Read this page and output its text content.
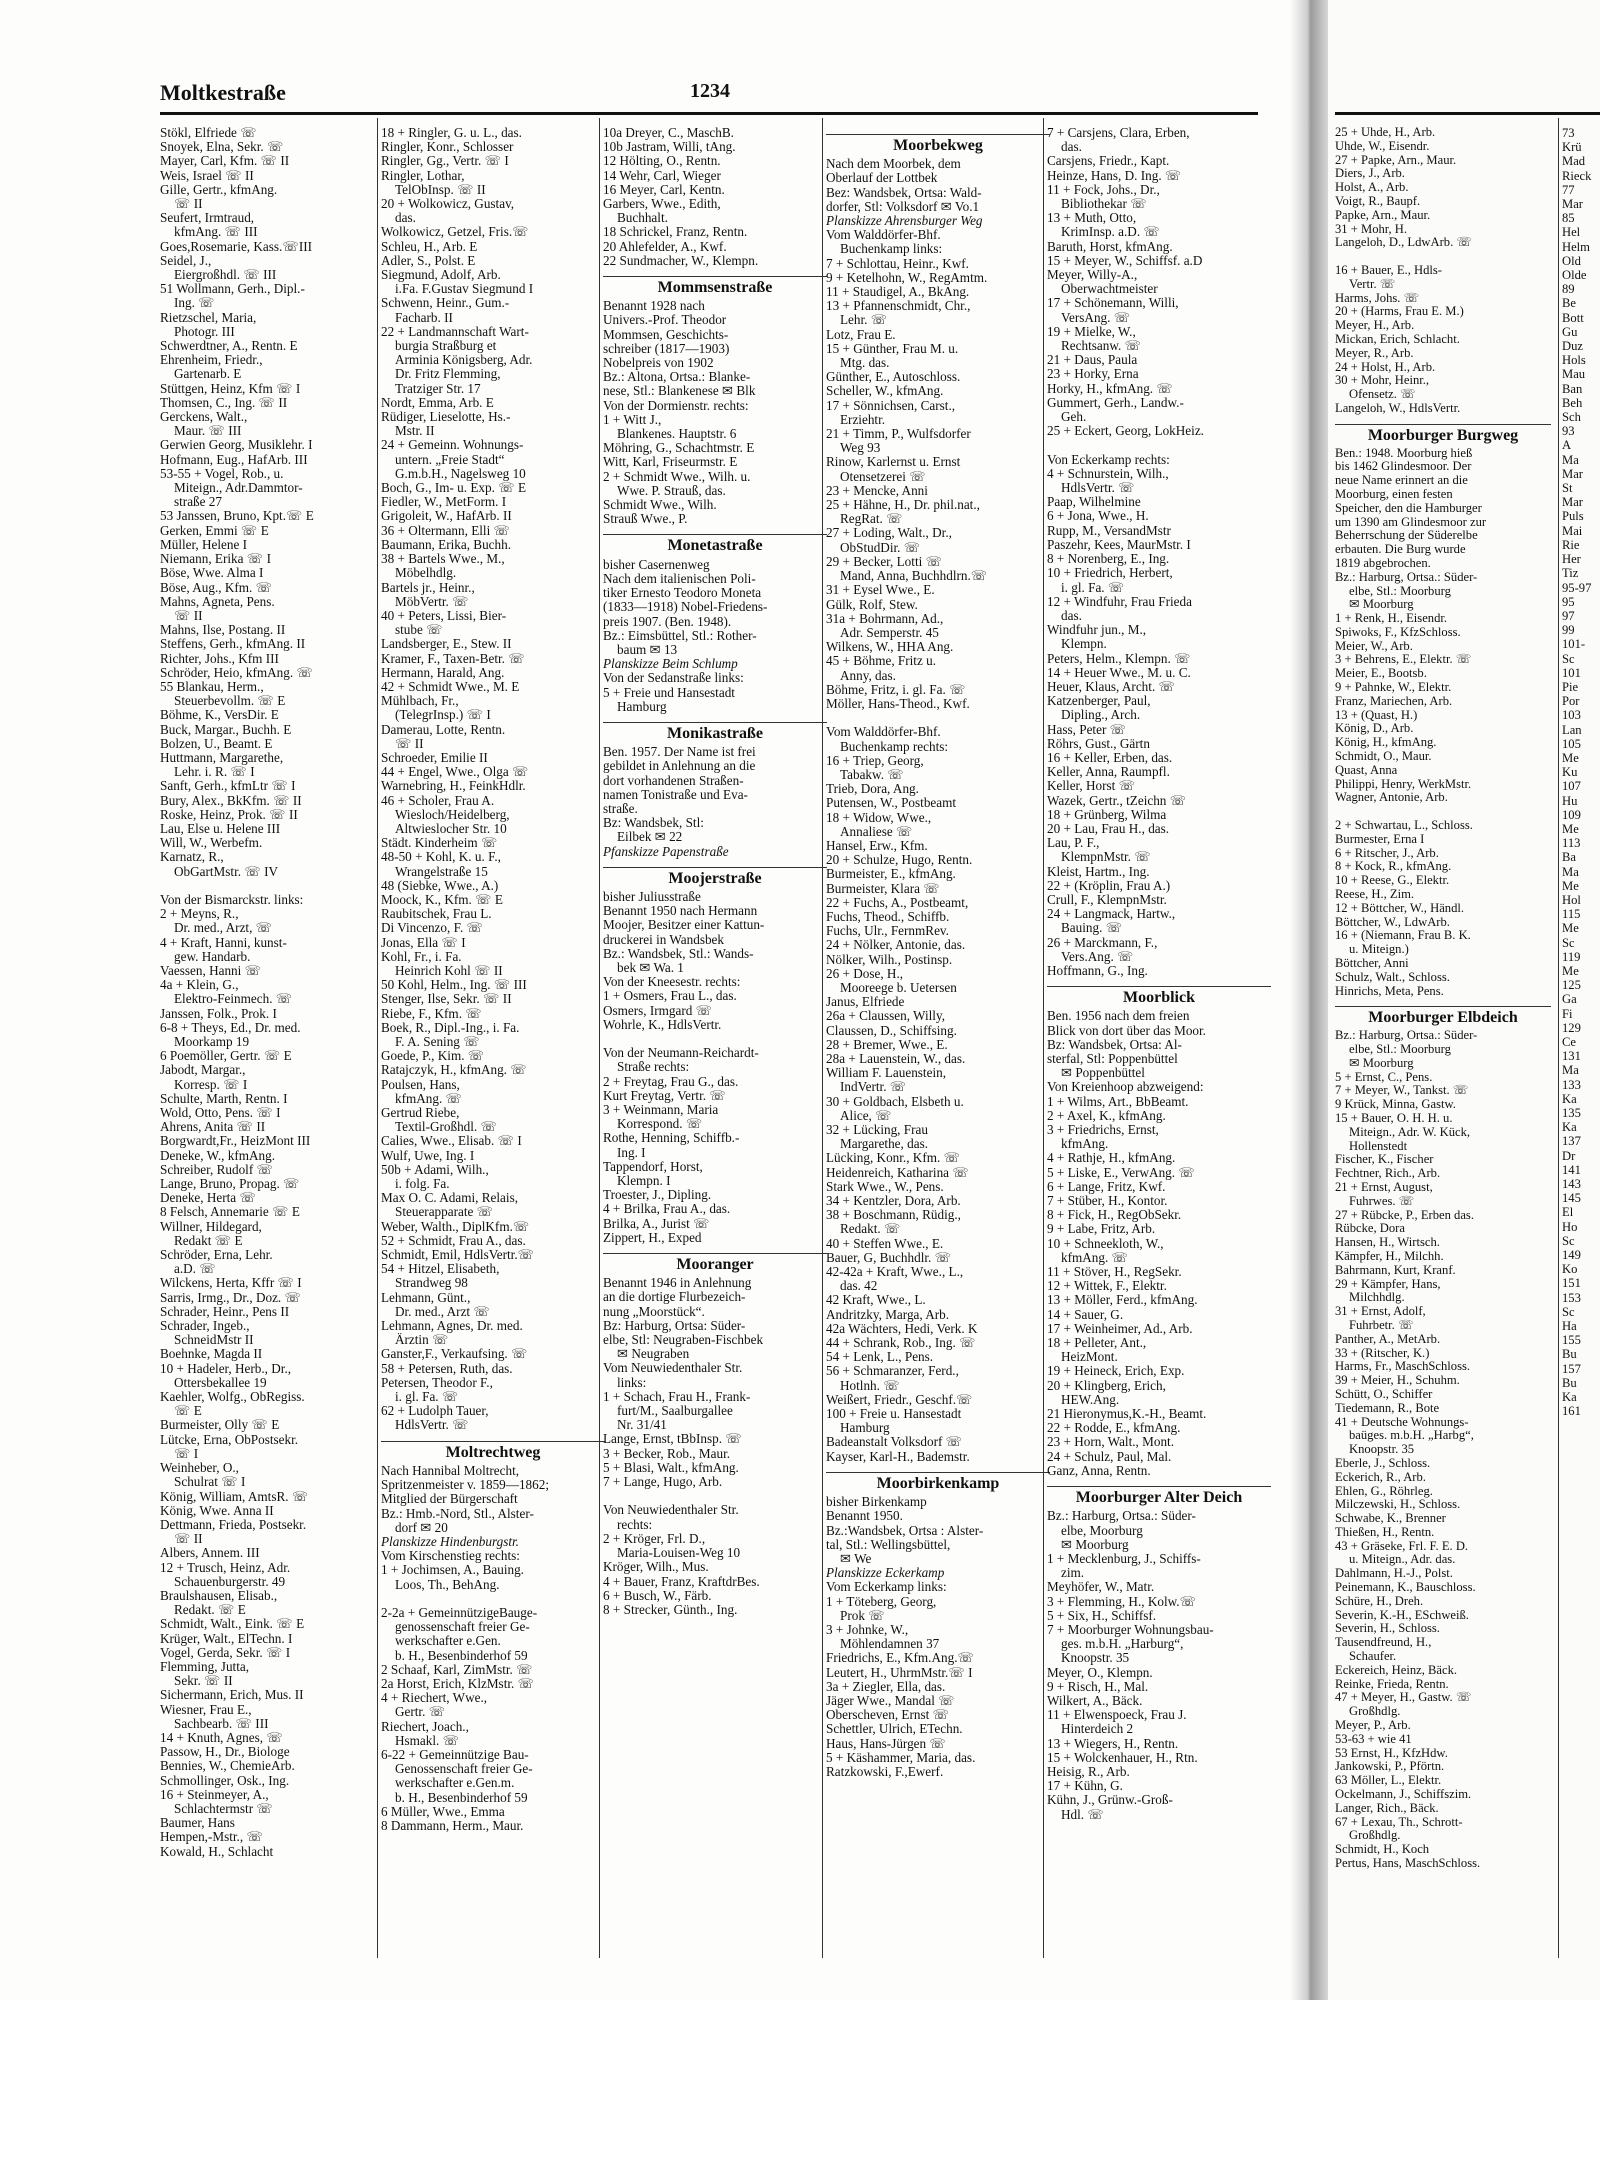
Moltkestraße	1234
Stökl, Elfriede ☏
Snoyek, Elna, Sekr. ☏
Mayer, Carl, Kfm. ☏ II
Weis, Israel ☏ II
Gille, Gertr., kfmAng.
☏ II
Seufert, Irmtraud,
kfmAng. ☏ III
Goes,Rosemarie, Kass.☏III
Seidel, J.,
Eiergroßhdl. ☏ III
51 Wollmann, Gerh., Dipl.-
Ing. ☏
Rietzschel, Maria,
Photogr. III
Schwerdtner, A., Rentn. E
Ehrenheim, Friedr.,
Gartenarb. E
Stüttgen, Heinz, Kfm ☏ I
Thomsen, C., Ing. ☏ II
Gerckens, Walt.,
Maur. ☏ III
Gerwien Georg, Musiklehr. I
Hofmann, Eug., HafArb. III
53-55 + Vogel, Rob., u.
Miteign., Adr.Dammtor-
straße 27
53 Janssen, Bruno, Kpt.☏ E
Gerken, Emmi ☏ E
Müller, Helene I
Niemann, Erika ☏ I
Böse, Wwe. Alma I
Böse, Aug., Kfm. ☏
Mahns, Agneta, Pens.
☏ II
Mahns, Ilse, Postang. II
Steffens, Gerh., kfmAng. II
Richter, Johs., Kfm III
Schröder, Heio, kfmAng. ☏
55 Blankau, Herm.,
Steuerbevollm. ☏ E
Böhme, K., VersDir. E
Buck, Margar., Buchh. E
Bolzen, U., Beamt. E
Huttmann, Margarethe,
Lehr. i. R. ☏ I
Sanft, Gerh., kfmLtr ☏ I
Bury, Alex., BkKfm. ☏ II
Roske, Heinz, Prok. ☏ II
Lau, Else u. Helene III
Will, W., Werbefm.
Karnatz, R.,
ObGartMstr. ☏ IV

Von der Bismarckstr. links:
2 + Meyns, R.,
Dr. med., Arzt, ☏
4 + Kraft, Hanni, kunst-
gew. Handarb.
Vaessen, Hanni ☏
4a + Klein, G.,
Elektro-Feinmech. ☏
Janssen, Folk., Prok. I
6-8 + Theys, Ed., Dr. med.
Moorkamp 19
6 Poemöller, Gertr. ☏ E
Jabodt, Margar.,
Korresp. ☏ I
Schulte, Marth, Rentn. I
Wold, Otto, Pens. ☏ I
Ahrens, Anita ☏ II
Borgwardt,Fr., HeizMont III
Deneke, W., kfmAng.
Schreiber, Rudolf ☏
Lange, Bruno, Propag. ☏
Deneke, Herta ☏
8 Felsch, Annemarie ☏ E
Willner, Hildegard,
Redakt ☏ E
Schröder, Erna, Lehr.
a.D. ☏
Wilckens, Herta, Kffr ☏ I
Sarris, Irmg., Dr., Doz. ☏
Schrader, Heinr., Pens II
Schrader, Ingeb.,
SchneidMstr II
Boehnke, Magda II
10 + Hadeler, Herb., Dr.,
Ottersbekallee 19
Kaehler, Wolfg., ObRegiss.
☏ E
Burmeister, Olly ☏ E
Lütcke, Erna, ObPostsekr.
☏ I
Weinheber, O.,
Schulrat ☏ I
König, William, AmtsR. ☏
König, Wwe. Anna II
Dettmann, Frieda, Postsekr.
☏ II
Albers, Annem. III
12 + Trusch, Heinz, Adr.
Schauenburgerstr. 49
Braulshausen, Elisab.,
Redakt. ☏ E
Schmidt, Walt., Eink. ☏ E
Krüger, Walt., ElTechn. I
Vogel, Gerda, Sekr. ☏ I
Flemming, Jutta,
Sekr. ☏ II
Sichermann, Erich, Mus. II
Wiesner, Frau E.,
Sachbearb. ☏ III
14 + Knuth, Agnes, ☏
Passow, H., Dr., Biologe
Bennies, W., ChemieArb.
Schmollinger, Osk., Ing.
16 + Steinmeyer, A.,
Schlachtermstr ☏
Baumer, Hans
Hempen,-Mstr., ☏
Kowald, H., Schlacht
18 + Ringler, G. u. L., das.
Ringler, Konr., Schlosser
Ringler, Gg., Vertr. ☏ I
Ringler, Lothar,
TelObInsp. ☏ II
20 + Wolkowicz, Gustav,
das.
Wolkowicz, Getzel, Fris.☏
Schleu, H., Arb. E
Adler, S., Polst. E
Siegmund, Adolf, Arb.
i.Fa. F.Gustav Siegmund I
Schwenn, Heinr., Gum.-
Facharb. II
22 + Landmannschaft Wart-
burgia Straßburg et
Arminia Königsberg, Adr.
Dr. Fritz Flemming,
Tratziger Str. 17
Nordt, Emma, Arb. E
Rüdiger, Lieselotte, Hs.-
Mstr. II
24 + Gemeinn. Wohnungs-
untern. „Freie Stadt“
G.m.b.H., Nagelsweg 10
Boch, G., Im- u. Exp. ☏ E
Fiedler, W., MetForm. I
Grigoleit, W., HafArb. II
36 + Oltermann, Elli ☏
Baumann, Erika, Buchh.
38 + Bartels Wwe., M.,
Möbelhdlg.
Bartels jr., Heinr.,
MöbVertr. ☏
40 + Peters, Lissi, Bier-
stube ☏
Landsberger, E., Stew. II
Kramer, F., Taxen-Betr. ☏
Hermann, Harald, Ang.
42 + Schmidt Wwe., M. E
Mühlbach, Fr.,
(TelegrInsp.) ☏ I
Damerau, Lotte, Rentn.
☏ II
Schroeder, Emilie II
44 + Engel, Wwe., Olga ☏
Warnebring, H., FeinkHdlr.
46 + Scholer, Frau A.
Wiesloch/Heidelberg,
Altwieslocher Str. 10
Städt. Kinderheim ☏
48-50 + Kohl, K. u. F.,
Wrangelstraße 15
48 (Siebke, Wwe., A.)
Moock, K., Kfm. ☏ E
Raubitschek, Frau L.
Di Vincenzo, F. ☏
Jonas, Ella ☏ I
Kohl, Fr., i. Fa.
Heinrich Kohl ☏ II
50 Kohl, Helm., Ing. ☏ III
Stenger, Ilse, Sekr. ☏ II
Riebe, F., Kfm. ☏
Boek, R., Dipl.-Ing., i. Fa.
F. A. Sening ☏
Goede, P., Kim. ☏
Ratajczyk, H., kfmAng. ☏
Poulsen, Hans,
kfmAng. ☏
Gertrud Riebe,
Textil-Großhdl. ☏
Calies, Wwe., Elisab. ☏ I
Wulf, Uwe, Ing. I
50b + Adami, Wilh.,
i. folg. Fa.
Max O. C. Adami, Relais,
Steuerapparate ☏
Weber, Walth., DiplKfm.☏
52 + Schmidt, Frau A., das.
Schmidt, Emil, HdlsVertr.☏
54 + Hitzel, Elisabeth,
Strandweg 98
Lehmann, Günt.,
Dr. med., Arzt ☏
Lehmann, Agnes, Dr. med.
Ärztin ☏
Ganster,F., Verkaufsing. ☏
58 + Petersen, Ruth, das.
Petersen, Theodor F.,
i. gl. Fa. ☏
62 + Ludolph Tauer,
HdlsVertr. ☏
Moltrechtweg
Nach Hannibal Moltrecht,
Spritzenmeister v. 1859—1862;
Mitglied der Bürgerschaft
Bz.: Hmb.-Nord, Stl., Alster-
dorf ✉ 20
Planskizze Hindenburgstr.
Vom Kirschenstieg rechts:
1 + Jochimsen, A., Bauing.
Loos, Th., BehAng.

2-2a + GemeinnützigeBauge-
genossenschaft freier Ge-
werkschafter e.Gen.
b. H., Besenbinderhof 59
2 Schaaf, Karl, ZimMstr. ☏
2a Horst, Erich, KlzMstr. ☏
4 + Riechert, Wwe.,
Gertr. ☏
Riechert, Joach.,
Hsmakl. ☏
6-22 + Gemeinnützige Bau-
Genossenschaft freier Ge-
werkschafter e.Gen.m.
b. H., Besenbinderhof 59
6 Müller, Wwe., Emma
8 Dammann, Herm., Maur.
10a Dreyer, C., MaschB.
10b Jastram, Willi, tAng.
12 Hölting, O., Rentn.
14 Wehr, Carl, Wieger
16 Meyer, Carl, Kentn.
Garbers, Wwe., Edith,
Buchhalt.
18 Schrickel, Franz, Rentn.
20 Ahlefelder, A., Kwf.
22 Sundmacher, W., Klempn.
Mommsenstraße
Benannt 1928 nach
Univers.-Prof. Theodor
Mommsen, Geschichts-
schreiber (1817—1903)
Nobelpreis von 1902
Bz.: Altona, Ortsa.: Blanke-
nese, Stl.: Blankenese ✉ Blk
Von der Dormienstr. rechts:
1 + Witt J.,
Blankenes. Hauptstr. 6
Möhring, G., Schachtmstr. E
Witt, Karl, Friseurmstr. E
2 + Schmidt Wwe., Wilh. u.
Wwe. P. Strauß, das.
Schmidt Wwe., Wilh.
Strauß Wwe., P.
Monetastraße
bisher Casernenweg
Nach dem italienischen Poli-
tiker Ernesto Teodoro Moneta
(1833—1918) Nobel-Friedens-
preis 1907. (Ben. 1948).
Bz.: Eimsbüttel, Stl.: Rother-
baum ✉ 13
Planskizze Beim Schlump
Von der Sedanstraße links:
5 + Freie und Hansestadt
Hamburg
Monikastraße
Ben. 1957. Der Name ist frei
gebildet in Anlehnung an die
dort vorhandenen Straßen-
namen Tonistraße und Eva-
straße.
Bz: Wandsbek, Stl:
Eilbek ✉ 22
Pfanskizze Papenstraße
Moojerstraße
bisher Juliusstraße
Benannt 1950 nach Hermann
Moojer, Besitzer einer Kattun-
druckerei in Wandsbek
Bz.: Wandsbek, Stl.: Wands-
bek ✉ Wa. 1
Von der Kneesestr. rechts:
1 + Osmers, Frau L., das.
Osmers, Irmgard ☏
Wohrle, K., HdlsVertr.

Von der Neumann-Reichardt-
Straße rechts:
2 + Freytag, Frau G., das.
Kurt Freytag, Vertr. ☏
3 + Weinmann, Maria
Korrespond. ☏
Rothe, Henning, Schiffb.-
Ing. I
Tappendorf, Horst,
Klempn. I
Troester, J., Dipling.
4 + Brilka, Frau A., das.
Brilka, A., Jurist ☏
Zippert, H., Exped
Mooranger
Benannt 1946 in Anlehnung
an die dortige Flurbezeich-
nung „Moorstück“.
Bz: Harburg, Ortsa: Süder-
elbe, Stl: Neugraben-Fischbek
✉ Neugraben
Vom Neuwiedenthaler Str.
links:
1 + Schach, Frau H., Frank-
furt/M., Saalburgallee
Nr. 31/41
Lange, Ernst, tBbInsp. ☏
3 + Becker, Rob., Maur.
5 + Blasi, Walt., kfmAng.
7 + Lange, Hugo, Arb.

Von Neuwiedenthaler Str.
rechts:
2 + Kröger, Frl. D.,
Maria-Louisen-Weg 10
Kröger, Wilh., Mus.
4 + Bauer, Franz, KraftdrBes.
6 + Busch, W., Färb.
8 + Strecker, Günth., Ing.
Moorbekweg
Nach dem Moorbek, dem
Oberlauf der Lottbek
Bez: Wandsbek, Ortsa: Wald-
dorfer, Stl: Volksdorf ✉ Vo.1
Planskizze Ahrensburger Weg
Vom Walddörfer-Bhf.
Buchenkamp links:
7 + Schlottau, Heinr., Kwf.
9 + Ketelhohn, W., RegAmtm.
11 + Staudigel, A., BkAng.
13 + Pfannenschmidt, Chr.,
Lehr. ☏
Lotz, Frau E.
15 + Günther, Frau M. u.
Mtg. das.
Günther, E., Autoschloss.
Scheller, W., kfmAng.
17 + Sönnichsen, Carst.,
Erziehtr.
21 + Timm, P., Wulfsdorfer
Weg 93
Rinow, Karlernst u. Ernst
Otensetzereі ☏
23 + Mencke, Anni
25 + Hähne, H., Dr. phil.nat.,
RegRat. ☏
27 + Loding, Walt., Dr.,
ObStudDir. ☏
29 + Becker, Lotti ☏
Mand, Anna, Buchhdlrn.☏
31 + Eysel Wwe., E.
Gülk, Rolf, Stew.
31a + Bohrmann, Ad.,
Adr. Semperstr. 45
Wilkens, W., HHA Ang.
45 + Böhme, Fritz u.
Anny, das.
Böhme, Fritz, i. gl. Fa. ☏
Möller, Hans-Theod., Kwf.

Vom Walddörfer-Bhf.
Buchenkamp rechts:
16 + Triep, Georg,
Tabakw. ☏
Trieb, Dora, Ang.
Putensen, W., Postbeamt
18 + Widow, Wwe.,
Annaliese ☏
Hansel, Erw., Kfm.
20 + Schulze, Hugo, Rentn.
Burmeister, E., kfmAng.
Burmeister, Klara ☏
22 + Fuchs, A., Postbeamt,
Fuchs, Theod., Schiffb.
Fuchs, Ulr., FernmRev.
24 + Nölker, Antonie, das.
Nölker, Wilh., Postinsp.
26 + Dose, H.,
Mooreege b. Uetersen
Janus, Elfriede
26a + Claussen, Willy,
Claussen, D., Schiffsing.
28 + Bremer, Wwe., E.
28a + Lauenstein, W., das.
William F. Lauenstein,
IndVertr. ☏
30 + Goldbach, Elsbeth u.
Alice, ☏
32 + Lücking, Frau
Margarethe, das.
Lücking, Konr., Kfm. ☏
Heidenreich, Katharina ☏
Stark Wwe., W., Pens.
34 + Kentzler, Dora, Arb.
38 + Boschmann, Rüdig.,
Redakt. ☏
40 + Steffen Wwe., E.
Bauer, G, Buchhdlr. ☏
42-42a + Kraft, Wwe., L.,
das. 42
42 Kraft, Wwe., L.
Andritzky, Marga, Arb.
42a Wächters, Hedi, Verk. K
44 + Schrank, Rob., Ing. ☏
54 + Lenk, L., Pens.
56 + Schmaranzer, Ferd.,
Hotlnh. ☏
Weißert, Friedr., Geschf.☏
100 + Freie u. Hansestadt
Hamburg
Badeanstalt Volksdorf ☏
Kayser, Karl-H., Bademstr.
Moorbirkenkamp
bisher Birkenkamp
Benannt 1950.
Bz.:Wandsbek, Ortsa : Alster-
tal, Stl.: Wellingsbüttel,
✉ We
Planskizze Eckerkamp
Vom Eckerkamp links:
1 + Töteberg, Georg,
Prok ☏
3 + Johnke, W.,
Möhlendamnen 37
Friedrichs, E., Kfm.Ang.☏
Leutert, H., UhrmMstr.☏ I
3a + Ziegler, Ella, das.
Jäger Wwe., Mandal ☏
Oberscheven, Ernst ☏
Schettler, Ulrich, ETechn.
Haus, Hans-Jürgen ☏
5 + Käshammer, Maria, das.
Ratzkowski, F.,Ewerf.
7 + Carsjens, Clara, Erben,
das.
Carsjens, Friedr., Kapt.
Heinze, Hans, D. Ing. ☏
11 + Fock, Johs., Dr.,
Bibliothekar ☏
13 + Muth, Otto,
KrimInsp. a.D. ☏
Baruth, Horst, kfmAng.
15 + Meyer, W., Schiffsf. a.D
Meyer, Willy-A.,
Oberwachtmeister
17 + Schönemann, Willi,
VersAng. ☏
19 + Mielke, W.,
Rechtsanw. ☏
21 + Daus, Paula
23 + Horky, Erna
Horky, H., kfmAng. ☏
Gummert, Gerh., Landw.-
Geh.
25 + Eckert, Georg, LokHeiz.

Von Eckerkamp rechts:
4 + Schnurstein, Wilh.,
HdlsVertr. ☏
Paap, Wilhelmine
6 + Jona, Wwe., H.
Rupp, M., VersandMstr
Paszehr, Kees, MaurMstr. I
8 + Norenberg, E., Ing.
10 + Friedrich, Herbert,
i. gl. Fa. ☏
12 + Windfuhr, Frau Frieda
das.
Windfuhr jun., M.,
Klempn.
Peters, Helm., Klempn. ☏
14 + Heuer Wwe., M. u. C.
Heuer, Klaus, Archt. ☏
Katzenberger, Paul,
Dipling., Arch.
Hass, Peter ☏
Röhrs, Gust., Gärtn
16 + Keller, Erben, das.
Keller, Anna, Raumpfl.
Keller, Horst ☏
Wazek, Gertr., tZeichn ☏
18 + Grünberg, Wilma
20 + Lau, Frau H., das.
Lau, P. F.,
KlempnMstr. ☏
Kleist, Hartm., Ing.
22 + (Kröplin, Frau A.)
Crull, F., KlempnMstr.
24 + Langmack, Hartw.,
Bauing. ☏
26 + Marckmann, F.,
Vers.Ang. ☏
Hoffmann, G., Ing.
Moorblick
Ben. 1956 nach dem freien
Blick von dort über das Moor.
Bz: Wandsbek, Ortsa: Al-
sterfal, Stl: Poppenbüttel
✉ Poppenbüttel
Von Kreienhoop abzweigend:
1 + Wilms, Art., BbBeamt.
2 + Axel, K., kfmAng.
3 + Friedrichs, Ernst,
kfmAng.
4 + Rathje, H., kfmAng.
5 + Liske, E., VerwAng. ☏
6 + Lange, Fritz, Kwf.
7 + Stüber, H., Kontor.
8 + Fick, H., RegObSekr.
9 + Labe, Fritz, Arb.
10 + Schneekloth, W.,
kfmAng. ☏
11 + Stöver, H., RegSekr.
12 + Wittek, F., Elektr.
13 + Möller, Ferd., kfmAng.
14 + Sauer, G.
17 + Weinheimer, Ad., Arb.
18 + Pelleter, Ant.,
HeizMont.
19 + Heineck, Erich, Exp.
20 + Klingberg, Erich,
HEW.Ang.
21 Hieronymus,K.-H., Beamt.
22 + Rodde, E., kfmAng.
23 + Horn, Walt., Mont.
24 + Schulz, Paul, Mal.
Ganz, Anna, Rentn.
Moorburger Alter Deich
Bz.: Harburg, Ortsa.: Süder-
elbe, Moorburg
✉ Moorburg
1 + Mecklenburg, J., Schiffs-
zim.
Meyhöfer, W., Matr.
3 + Flemming, H., Kolw.☏
5 + Six, H., Schiffsf.
7 + Moorburger Wohnungsbau-
ges. m.b.H. „Harburg“,
Knoopstr. 35
Meyer, O., Klempn.
9 + Risch, H., Mal.
Wilkert, A., Bäck.
11 + Elwenspoeck, Frau J.
Hinterdeich 2
13 + Wiegers, H., Rentn.
15 + Wolckenhauer, H., Rtn.
Heisig, R., Arb.
17 + Kühn, G.
Kühn, J., Grünw.-Groß-
Hdl. ☏
25 + Uhde, H., Arb.
Uhde, W., Eisendr.
27 + Papke, Arn., Maur.
Diers, J., Arb.
Holst, A., Arb.
Voigt, R., Baupf.
Papke, Arn., Maur.
31 + Mohr, H.
Langeloh, D., LdwArb. ☏

16 + Bauer, E., Hdls-
Vertr. ☏
Harms, Johs. ☏
20 + (Harms, Frau E. M.)
Meyer, H., Arb.
Mickan, Erich, Schlacht.
Meyer, R., Arb.
24 + Holst, H., Arb.
30 + Mohr, Heinr.,
Ofensetz. ☏
Langeloh, W., HdlsVertr.
Moorburger Burgweg
Ben.: 1948. Moorburg hieß
bis 1462 Glindesmoor. Der
neue Name erinnert an die
Moorburg, einen festen
Speicher, den die Hamburger
um 1390 am Glindesmoor zur
Beherrschung der Süderelbe
erbauten. Die Burg wurde
1819 abgebrochen.
Bz.: Harburg, Ortsa.: Süder-
elbe, Stl.: Moorburg
✉ Moorburg
1 + Renk, H., Eisendr.
Spiwoks, F., KfzSchloss.
Meier, W., Arb.
3 + Behrens, E., Elektr. ☏
Meier, E., Bootsb.
9 + Pahnke, W., Elektr.
Franz, Mariechen, Arb.
13 + (Quast, H.)
König, D., Arb.
König, H., kfmAng.
Schmidt, O., Maur.
Quast, Anna
Philippi, Henry, WerkMstr.
Wagner, Antonie, Arb.

2 + Schwartau, L., Schloss.
Burmester, Erna I
6 + Ritscher, J., Arb.
8 + Kock, R., kfmAng.
10 + Reese, G., Elektr.
Reese, H., Zim.
12 + Böttcher, W., Händl.
Böttcher, W., LdwArb.
16 + (Niemann, Frau B. K.
u. Miteign.)
Böttcher, Anni
Schulz, Walt., Schloss.
Hinrichs, Meta, Pens.
Moorburger Elbdeich
Bz.: Harburg, Ortsa.: Süder-
elbe, Stl.: Moorburg
✉ Moorburg
5 + Ernst, C., Pens.
7 + Meyer, W., Tankst. ☏
9 Krück, Minna, Gastw.
15 + Bauer, O. H. H. u.
Miteign., Adr. W. Kück,
Hollenstedt
Fischer, K., Fischer
Fechtner, Rich., Arb.
21 + Ernst, August,
Fuhrwes. ☏
27 + Rübcke, P., Erben das.
Rübcke, Dora
Hansen, H., Wirtsch.
Kämpfer, H., Milchh.
Bahrmann, Kurt, Kranf.
29 + Kämpfer, Hans,
Milchhdlg.
31 + Ernst, Adolf,
Fuhrbetr. ☏
Panther, A., MetArb.
33 + (Ritscher, K.)
Harms, Fr., MaschSchloss.
39 + Meier, H., Schuhm.
Schütt, O., Schiffer
Tiedemann, R., Bote
41 + Deutsche Wohnungs-
baüges. m.b.H. „Harbg“,
Knoopstr. 35
Eberle, J., Schloss.
Eckerich, R., Arb.
Ehlen, G., Röhrleg.
Milczewski, H., Schloss.
Schwabe, K., Brenner
Thießen, H., Rentn.
43 + Gräseke, Frl. F. E. D.
u. Miteign., Adr. das.
Dahlmann, H.-J., Polst.
Peinemann, K., Bauschloss.
Schüre, H., Dreh.
Severin, K.-H., ESchweiß.
Severin, H., Schloss.
Tausendfreund, H.,
Schaufer.
Eckereich, Heinz, Bäck.
Reinke, Frieda, Rentn.
47 + Meyer, H., Gastw. ☏
Großhdlg.
Meyer, P., Arb.
53-63 + wie 41
53 Ernst, H., KfzHdw.
Jankowski, P., Pförtn.
63 Möller, L., Elektr.
Ockelmann, J., Schiffszim.
Langer, Rich., Bäck.
67 + Lexau, Th., Schrott-
Großhdlg.
Schmidt, H., Koch
Pertus, Hans, MaschSchloss.
73
Krü
Mad
Rieck
77
Mar
85
Hel
Helm
Old
Olde
89
Be
Bott
Gu
Duz
Hols
Mau
Ban
Beh
Sch
93
A
Ma
Mar
St
Mar
Puls
Mai
Rie
Her
Tiz
95-97
95
97
99
101-
Sc
101
Pie
Por
103
Lan
105
Me
Ku
107
Hu
109
Me
113
Ba
Ma
Me
Hol
115
Me
Sc
119
Me
125
Ga
Fi
129
Ce
131
Ma
133
Ka
135
Ka
137
Dr
141
143
145
El
Ho
Sc
149
Ko
151
153
Sc
Ha
155
Bu
157
Bu
Ka
161
